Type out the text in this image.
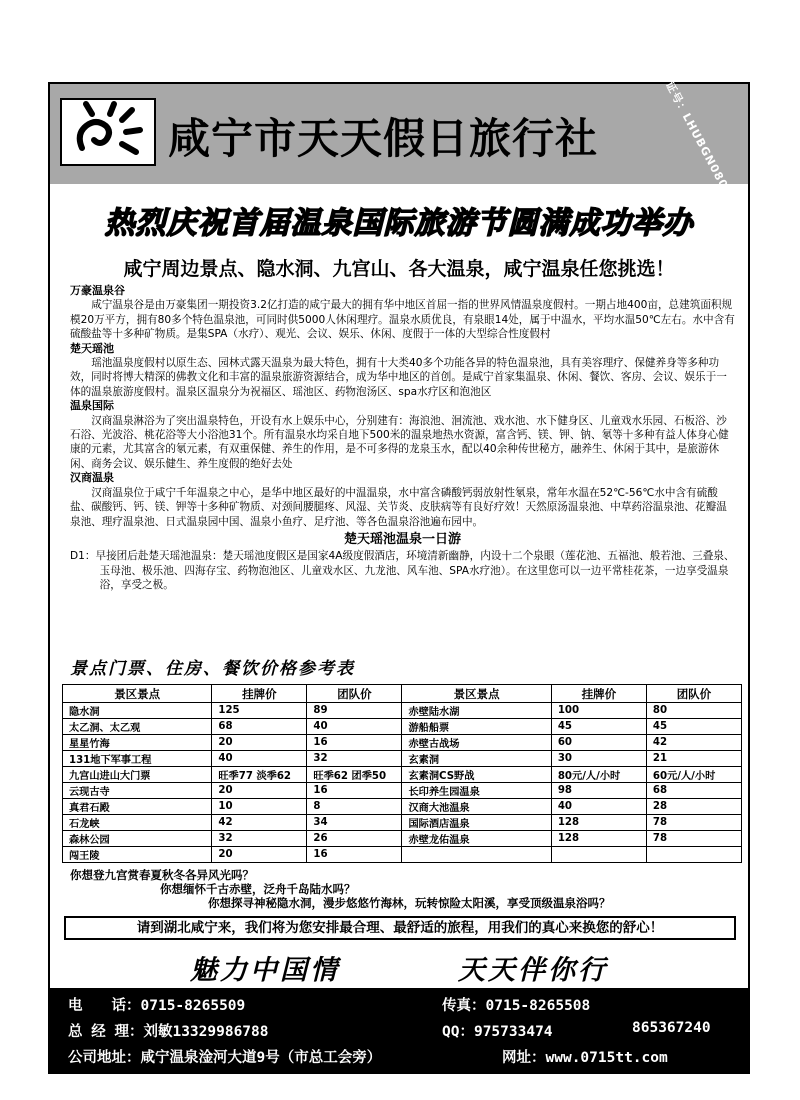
咸宁市天天假日旅行社	许可证号：LHUBGN08039
热烈庆祝首届温泉国际旅游节圆满成功举办
咸宁周边景点、隐水洞、九宫山、各大温泉，咸宁温泉任您挑选！
万豪温泉谷

咸宁温泉谷是由万豪集团一期投资3.2亿打造的咸宁最大的拥有华中地区首屈一指的世界风情温泉度假村。一期占地400亩，总建筑面积规模20万平方，拥有80多个特色温泉池，可同时供5000人休闲理疗。温泉水质优良，有泉眼14处，属于中温水，平均水温50℃左右。水中含有硫酸盐等十多种矿物质。是集SPA（水疗）、观光、会议、娱乐、休闲、度假于一体的大型综合性度假村

楚天瑶池

瑶池温泉度假村以原生态、园林式露天温泉为最大特色，拥有十大类40多个功能各异的特色温泉池，具有美容理疗、保健养身等多种功效，同时将博大精深的佛教文化和丰富的温泉旅游资源结合，成为华中地区的首创。是咸宁首家集温泉、休闲、餐饮、客房、会议、娱乐于一体的温泉旅游度假村。温泉区温泉分为祝福区、瑶池区、药物泡汤区、spa水疗区和泡池区

温泉国际

汉商温泉淋浴为了突出温泉特色，开设有水上娱乐中心，分别建有：海浪池、洄流池、戏水池、水下健身区、儿童戏水乐园、石板浴、沙石浴、光波浴、桃花浴等大小浴池31个。所有温泉水均采自地下500米的温泉地热水资源，富含钙、镁、钾、钠、氡等十多种有益人体身心健康的元素，尤其富含的氡元素，有双重保健、养生的作用，是不可多得的龙泉玉水，配以40余种传世秘方，融养生、休闲于其中，是旅游休闲、商务会议、娱乐健生、养生度假的绝好去处

汉商温泉

汉商温泉位于咸宁千年温泉之中心，是华中地区最好的中温温泉，水中富含磷酸钙弱放射性氡泉，常年水温在52℃-56℃水中含有硫酸盐、碳酸钙、钙、镁、钾等十多种矿物质、对颈间腰腿疼、风湿、关节炎、皮肤病等有良好疗效！天然原汤温泉池、中草药浴温泉池、花瓣温泉池、理疗温泉池、日式温泉园中国、温泉小鱼疗、足疗池、等各色温泉浴池遍布园中。

楚天瑶池温泉一日游

D1：早接团后赴楚天瑶池温泉：楚天瑶池度假区是国家4A级度假酒店，环境清新幽静，内设十二个泉眼（莲花池、五福池、般若池、三叠泉、玉母池、极乐池、四海存宝、药物泡池区、儿童戏水区、九龙池、风车池、SPA水疗池）。在这里您可以一边平常桂花茶，一边享受温泉浴，享受之极。

景点门票、住房、餐饮价格参考表
景区景点	挂牌价	团队价	景区景点	挂牌价	团队价
隐水洞	125	89	赤壁陆水湖	100	80
太乙洞、太乙观	68	40	游船船票	45	45
星星竹海	20	16	赤壁古战场	60	42
131地下军事工程	40	32	玄素洞	30	21
九宫山进山大门票	旺季77 淡季62	旺季62 团季50	玄素洞CS野战	80元/人/小时	60元/人/小时
云现古寺	20	16	长印养生园温泉	98	68
真君石殿	10	8	汉商大池温泉	40	28
石龙峡	42	34	国际酒店温泉	128	78
森林公园	32	26	赤壁龙佑温泉	128	78
闯王陵	20	16			
你想登九宫赏春夏秋冬各异风光吗？
你想缅怀千古赤壁，泛舟千岛陆水吗？
你想探寻神秘隐水洞，漫步悠悠竹海林，玩转惊险太阳溪，享受顶级温泉浴吗？
请到湖北咸宁来，我们将为您安排最合理、最舒适的旅程，用我们的真心来换您的舒心！
魅力中国情	天天伴你行
电　　话：0715-8265509	传真：0715-8265508
总 经 理：刘敏13329986788	QQ：975733474	865367240
公司地址：咸宁温泉淦河大道9号（市总工会旁）	网址：www.0715tt.com
